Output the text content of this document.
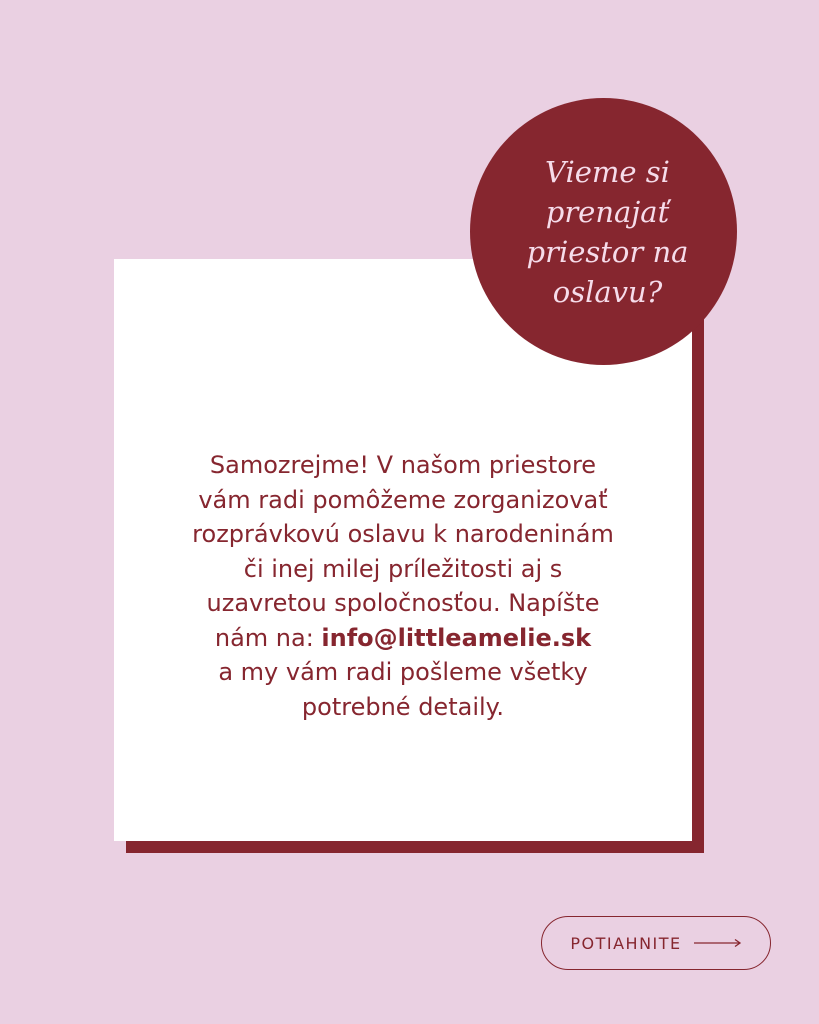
Samozrejme! V našom priestore
vám radi pomôžeme zorganizovať
rozprávkovú oslavu k narodeninám
či inej milej príležitosti aj s
uzavretou spoločnosťou. Napíšte
nám na: info@littleamelie.sk
a my vám radi pošleme všetky
potrebné detaily.

Vieme si
prenajať
priestor na
oslavu?

POTIAHNITE
